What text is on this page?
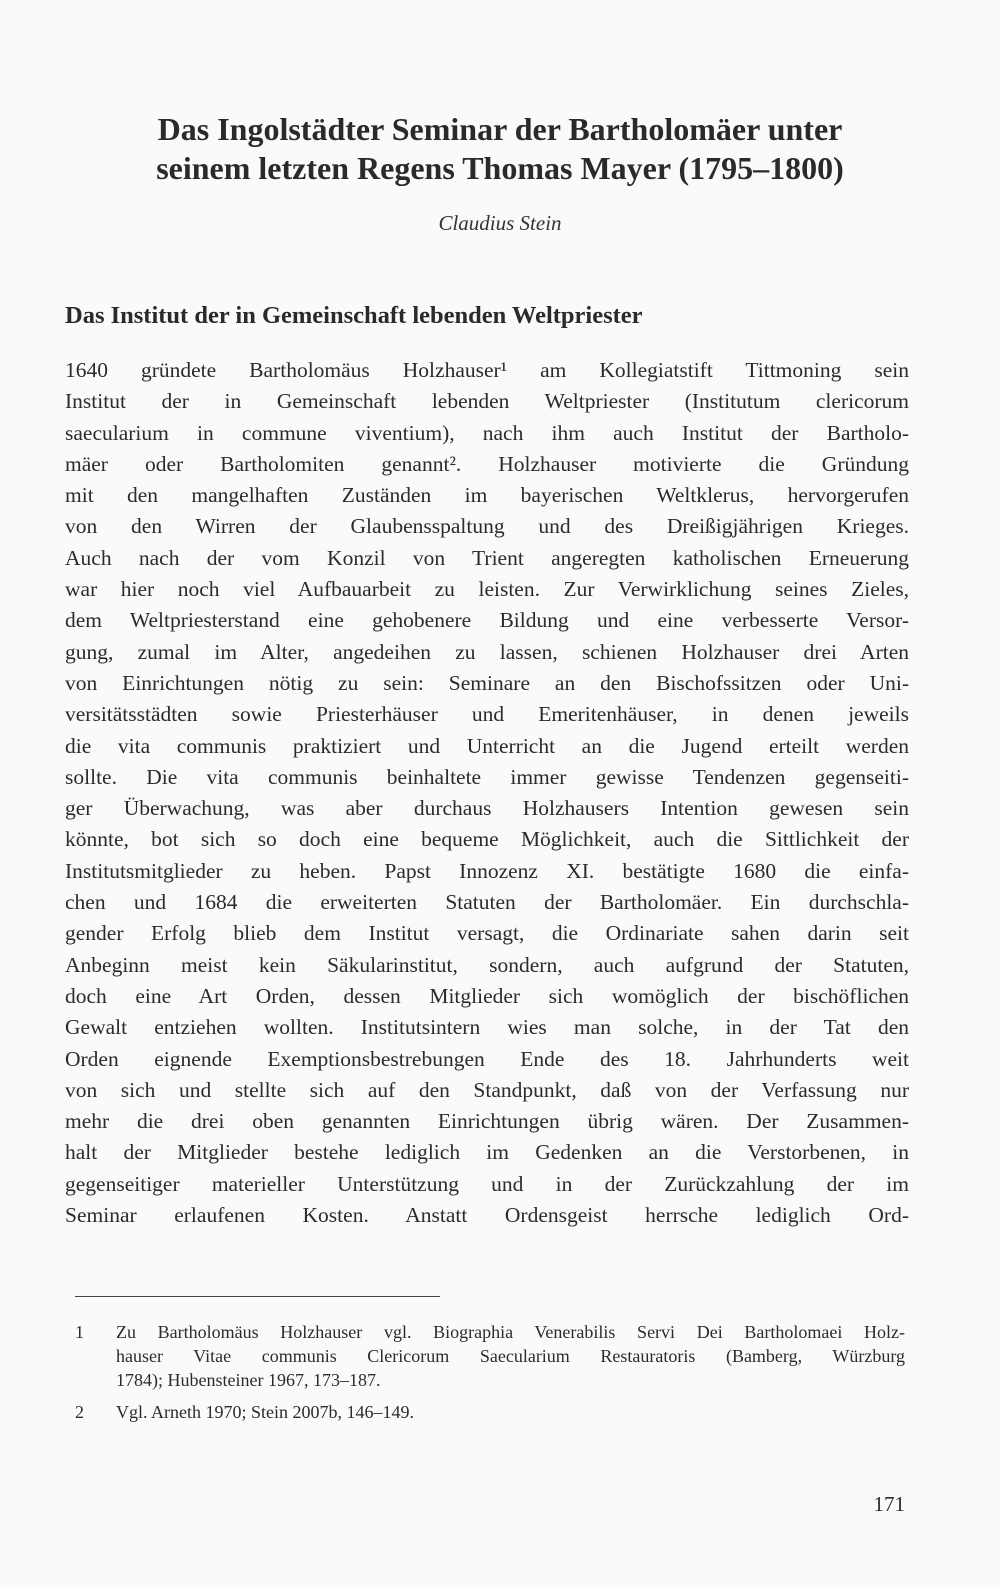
Das Ingolstädter Seminar der Bartholomäer unter
seinem letzten Regens Thomas Mayer (1795–1800)
Claudius Stein
Das Institut der in Gemeinschaft lebenden Weltpriester
1640 gründete Bartholomäus Holzhauser¹ am Kollegiatstift Tittmoning sein
Institut der in Gemeinschaft lebenden Weltpriester (Institutum clericorum
saecularium in commune viventium), nach ihm auch Institut der Bartholo-
mäer oder Bartholomiten genannt². Holzhauser motivierte die Gründung
mit den mangelhaften Zuständen im bayerischen Weltklerus, hervorgerufen
von den Wirren der Glaubensspaltung und des Dreißigjährigen Krieges.
Auch nach der vom Konzil von Trient angeregten katholischen Erneuerung
war hier noch viel Aufbauarbeit zu leisten. Zur Verwirklichung seines Zieles,
dem Weltpriesterstand eine gehobenere Bildung und eine verbesserte Versor-
gung, zumal im Alter, angedeihen zu lassen, schienen Holzhauser drei Arten
von Einrichtungen nötig zu sein: Seminare an den Bischofssitzen oder Uni-
versitätsstädten sowie Priesterhäuser und Emeritenhäuser, in denen jeweils
die vita communis praktiziert und Unterricht an die Jugend erteilt werden
sollte. Die vita communis beinhaltete immer gewisse Tendenzen gegenseiti-
ger Überwachung, was aber durchaus Holzhausers Intention gewesen sein
könnte, bot sich so doch eine bequeme Möglichkeit, auch die Sittlichkeit der
Institutsmitglieder zu heben. Papst Innozenz XI. bestätigte 1680 die einfa-
chen und 1684 die erweiterten Statuten der Bartholomäer. Ein durchschla-
gender Erfolg blieb dem Institut versagt, die Ordinariate sahen darin seit
Anbeginn meist kein Säkularinstitut, sondern, auch aufgrund der Statuten,
doch eine Art Orden, dessen Mitglieder sich womöglich der bischöflichen
Gewalt entziehen wollten. Institutsintern wies man solche, in der Tat den
Orden eignende Exemptionsbestrebungen Ende des 18. Jahrhunderts weit
von sich und stellte sich auf den Standpunkt, daß von der Verfassung nur
mehr die drei oben genannten Einrichtungen übrig wären. Der Zusammen-
halt der Mitglieder bestehe lediglich im Gedenken an die Verstorbenen, in
gegenseitiger materieller Unterstützung und in der Zurückzahlung der im
Seminar erlaufenen Kosten. Anstatt Ordensgeist herrsche lediglich Ord-
1 Zu Bartholomäus Holzhauser vgl. Biographia Venerabilis Servi Dei Bartholomaei Holz-
hauser Vitae communis Clericorum Saecularium Restauratoris (Bamberg, Würzburg
1784); Hubensteiner 1967, 173–187.
2 Vgl. Arneth 1970; Stein 2007b, 146–149.
171
